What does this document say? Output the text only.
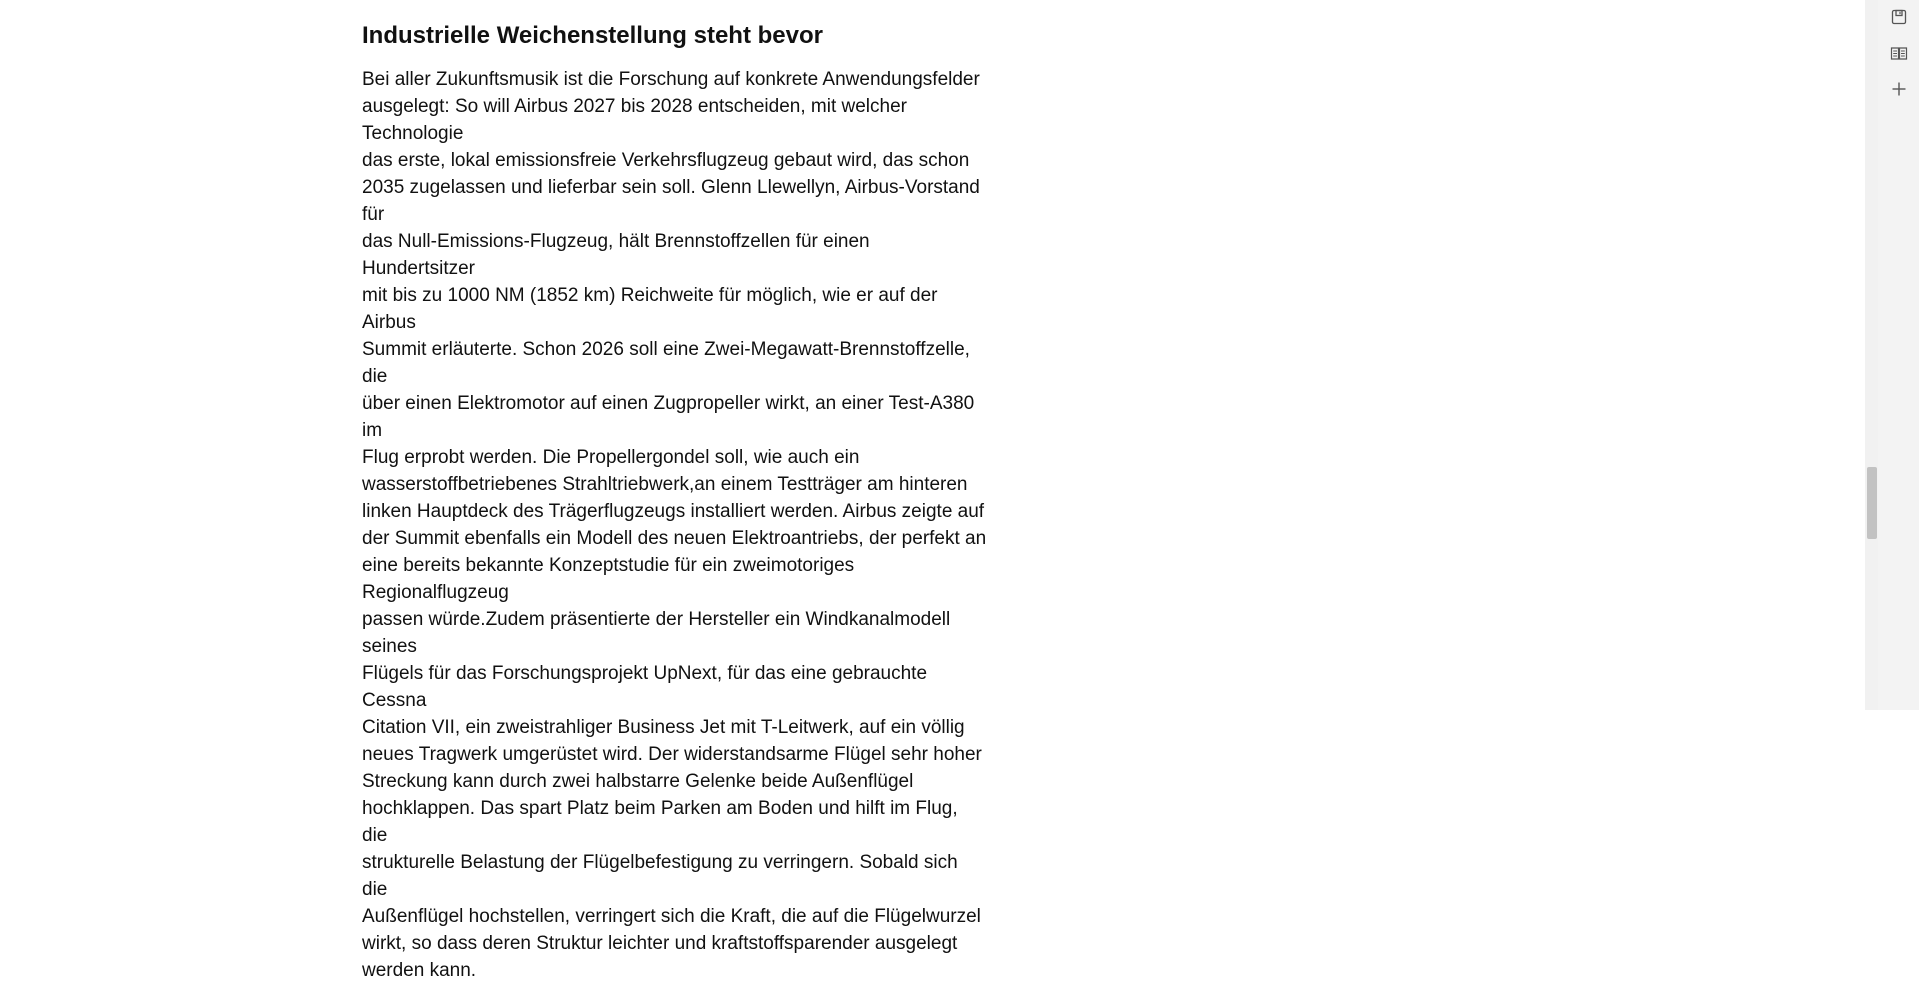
Industrielle Weichenstellung steht bevor

Bei aller Zukunftsmusik ist die Forschung auf konkrete Anwendungsfelder
ausgelegt: So will Airbus 2027 bis 2028 entscheiden, mit welcher Technologie
das erste, lokal emissionsfreie Verkehrsflugzeug gebaut wird, das schon
2035 zugelassen und lieferbar sein soll. Glenn Llewellyn, Airbus-Vorstand für
das Null-Emissions-Flugzeug, hält Brennstoffzellen für einen Hundertsitzer
mit bis zu 1000 NM (1852 km) Reichweite für möglich, wie er auf der Airbus
Summit erläuterte. Schon 2026 soll eine Zwei-Megawatt-Brennstoffzelle, die
über einen Elektromotor auf einen Zugpropeller wirkt, an einer Test-A380 im
Flug erprobt werden. Die Propellergondel soll, wie auch ein
wasserstoffbetriebenes Strahltriebwerk,an einem Testträger am hinteren
linken Hauptdeck des Trägerflugzeugs installiert werden. Airbus zeigte auf
der Summit ebenfalls ein Modell des neuen Elektroantriebs, der perfekt an
eine bereits bekannte Konzeptstudie für ein zweimotoriges Regionalflugzeug
passen würde.Zudem präsentierte der Hersteller ein Windkanalmodell seines
Flügels für das Forschungsprojekt UpNext, für das eine gebrauchte Cessna
Citation VII, ein zweistrahliger Business Jet mit T-Leitwerk, auf ein völlig
neues Tragwerk umgerüstet wird. Der widerstandsarme Flügel sehr hoher
Streckung kann durch zwei halbstarre Gelenke beide Außenflügel
hochklappen. Das spart Platz beim Parken am Boden und hilft im Flug, die
strukturelle Belastung der Flügelbefestigung zu verringern. Sobald sich die
Außenflügel hochstellen, verringert sich die Kraft, die auf die Flügelwurzel
wirkt, so dass deren Struktur leichter und kraftstoffsparender ausgelegt
werden kann.
